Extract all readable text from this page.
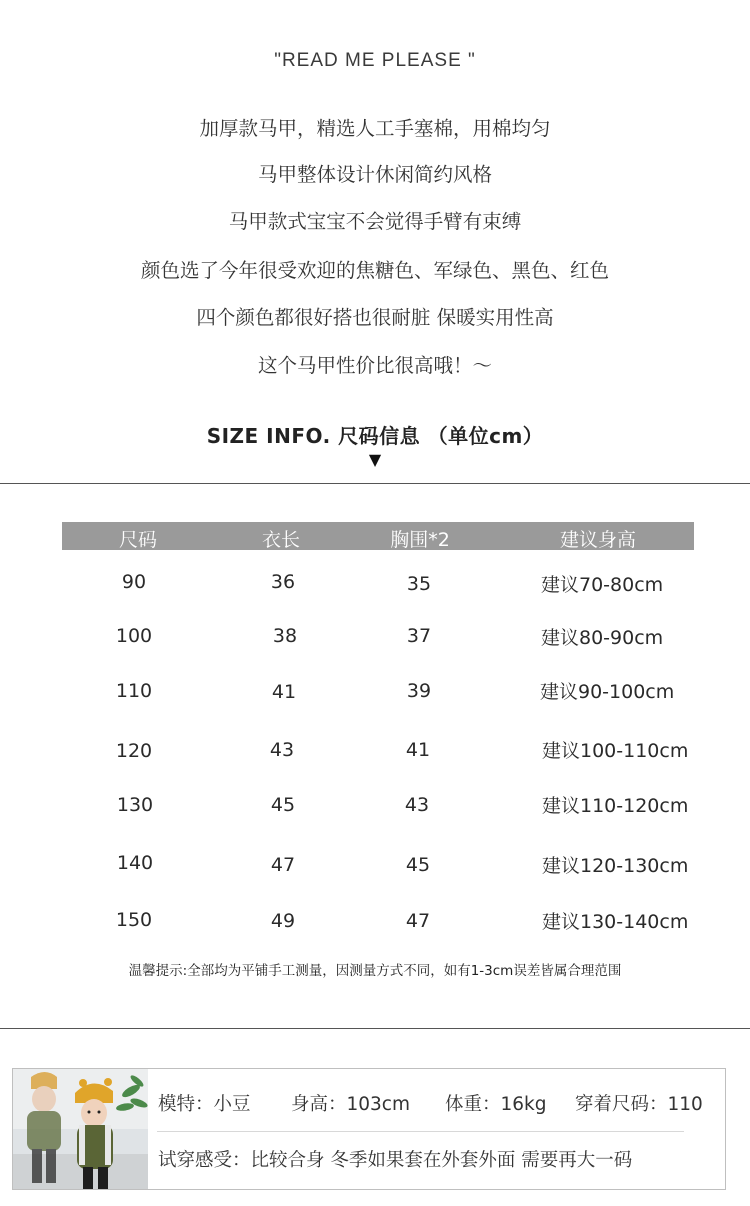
"READ ME PLEASE "
加厚款马甲，精选人工手塞棉，用棉均匀
马甲整体设计休闲简约风格
马甲款式宝宝不会觉得手臂有束缚
颜色选了今年很受欢迎的焦糖色、军绿色、黑色、红色
四个颜色都很好搭也很耐脏 保暖实用性高
这个马甲性价比很高哦！～
SIZE INFO. 尺码信息 （单位cm）
▼
尺码	衣长	胸围*2	建议身高
90	36	35	建议70-80cm
100	38	37	建议80-90cm
110	41	39	建议90-100cm
120	43	41	建议100-110cm
130	45	43	建议110-120cm
140	47	45	建议120-130cm
150	49	47	建议130-140cm
温馨提示:全部均为平铺手工测量，因测量方式不同，如有1-3cm误差皆属合理范围
模特：小豆 身高：103cm 体重：16kg 穿着尺码：110
试穿感受：比较合身 冬季如果套在外套外面 需要再大一码
